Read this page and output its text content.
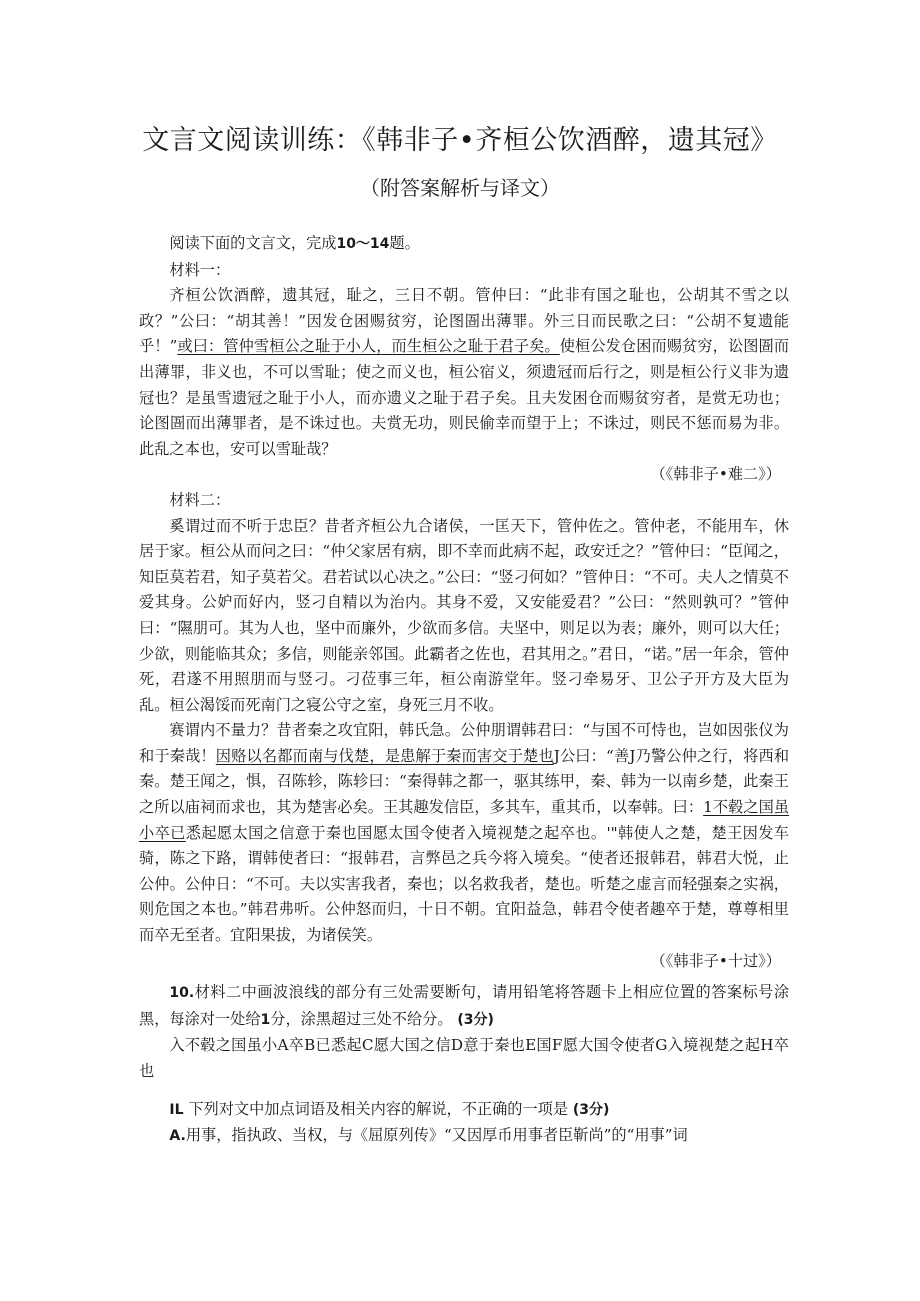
文言文阅读训练：《韩非子•齐桓公饮酒醉，遗其冠》
（附答案解析与译文）

阅读下面的文言文，完成10〜14题。

材料一：

齐桓公饮酒醉，遗其冠，耻之，三日不朝。管仲曰：“此非有国之耻也，公胡其不雪之以政？”公曰：“胡其善！”因发仓困赐贫穷，论图圄出薄罪。外三日而民歌之曰：“公胡不复遗能乎！”或曰：管仲雪桓公之耻于小人，而生桓公之耻于君子矣。使桓公发仓困而赐贫穷，讼图圄而出薄罪，非义也，不可以雪耻；使之而义也，桓公宿义，须遗冠而后行之，则是桓公行义非为遗冠也？是虽雪遗冠之耻于小人，而亦遗义之耻于君子矣。且夫发困仓而赐贫穷者，是赏无功也；论图圄而出薄罪者，是不诛过也。夫赏无功，则民偷幸而望于上；不诛过，则民不惩而易为非。此乱之本也，安可以雪耻哉？

（《韩非子•难二》）

材料二：

奚谓过而不听于忠臣？昔者齐桓公九合诸侯，一匡天下，管仲佐之。管仲老，不能用车，休居于家。桓公从而问之曰：“仲父家居有病，即不幸而此病不起，政安迁之？”管仲曰：“臣闻之，知臣莫若君，知子莫若父。君若试以心决之。”公曰：“竖刁何如？”管仲日：“不可。夫人之情莫不爱其身。公妒而好内，竖刁自精以为治内。其身不爱，又安能爱君？”公曰：“然则孰可？”管仲曰：“隰朋可。其为人也，坚中而廉外，少欲而多信。夫坚中，则足以为表；廉外，则可以大任；少欲，则能临其众；多信，则能亲邻国。此霸者之佐也，君其用之。”君日，“诺。”居一年余，管仲死，君遂不用照朋而与竖刁。刁莅事三年，桓公南游堂年。竖刁牵易牙、卫公子开方及大臣为乱。桓公渴馁而死南门之寝公守之室，身死三月不收。

赛谓内不量力？昔者秦之攻宜阳，韩氏急。公仲朋谓韩君曰：“与国不可恃也，岂如因张仪为和于秦哉！因赂以名都而南与伐楚，是患解于秦而害交于楚也J公曰：“善J乃警公仲之行，将西和秦。楚王闻之，惧，召陈轸，陈轸曰：“秦得韩之都一，驱其练甲，秦、韩为一以南乡楚，此秦王之所以庙祠而求也，其为楚害必矣。王其趣发信臣，多其车，重其币，以奉韩。曰：1不毂之国虽小卒已悉起愿太国之信意于秦也国愿太国令使者入境视楚之起卒也。'"韩使人之楚，楚王因发车骑，陈之下路，谓韩使者曰：“报韩君，言弊邑之兵今将入境矣。“使者还报韩君，韩君大悦，止公仲。公仲日：“不可。夫以实害我者，秦也；以名救我者，楚也。听楚之虚言而轻强秦之实祸，则危国之本也。”韩君弗听。公仲怒而归，十日不朝。宜阳益急，韩君令使者趣卒于楚，尊尊相里而卒无至者。宜阳果拔，为诸侯笑。

（《韩非子•十过》）

10.材料二中画波浪线的部分有三处需要断句，请用铅笔将答题卡上相应位置的答案标号涂黑，每涂对一处给1分，涂黑超过三处不给分。 (3分)

入不毂之国虽小A卒B已悉起C愿大国之信D意于秦也E国F愿大国令使者G入境视楚之起H卒也

IL 下列对文中加点词语及相关内容的解说，不正确的一项是 (3分)

A.用事，指执政、当权，与《屈原列传》“又因厚币用事者臣靳尚”的“用事”词
